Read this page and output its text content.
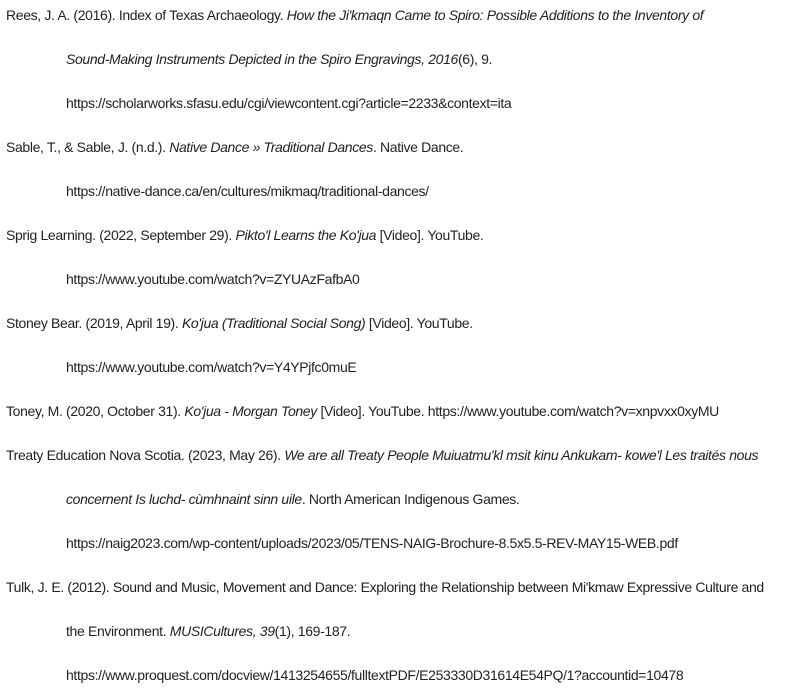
Rees, J. A. (2016). Index of Texas Archaeology. How the Ji'kmaqn Came to Spiro: Possible Additions to the Inventory of
Sound-Making Instruments Depicted in the Spiro Engravings, 2016(6), 9.
https://scholarworks.sfasu.edu/cgi/viewcontent.cgi?article=2233&context=ita
Sable, T., & Sable, J. (n.d.). Native Dance » Traditional Dances. Native Dance.
https://native-dance.ca/en/cultures/mikmaq/traditional-dances/
Sprig Learning. (2022, September 29). Pikto'l Learns the Ko'jua [Video]. YouTube.
https://www.youtube.com/watch?v=ZYUAzFafbA0
Stoney Bear. (2019, April 19). Ko'jua (Traditional Social Song) [Video]. YouTube.
https://www.youtube.com/watch?v=Y4YPjfc0muE
Toney, M. (2020, October 31). Ko'jua - Morgan Toney [Video]. YouTube. https://www.youtube.com/watch?v=xnpvxx0xyMU
Treaty Education Nova Scotia. (2023, May 26). We are all Treaty People Muiuatmu'kl msit kinu Ankukam- kowe'l Les traités nous
concernent Is luchd- cùmhnaint sinn uile. North American Indigenous Games.
https://naig2023.com/wp-content/uploads/2023/05/TENS-NAIG-Brochure-8.5x5.5-REV-MAY15-WEB.pdf
Tulk, J. E. (2012). Sound and Music, Movement and Dance: Exploring the Relationship between Mi'kmaw Expressive Culture and
the Environment. MUSICultures, 39(1), 169-187.
https://www.proquest.com/docview/1413254655/fulltextPDF/E253330D31614E54PQ/1?accountid=10478
